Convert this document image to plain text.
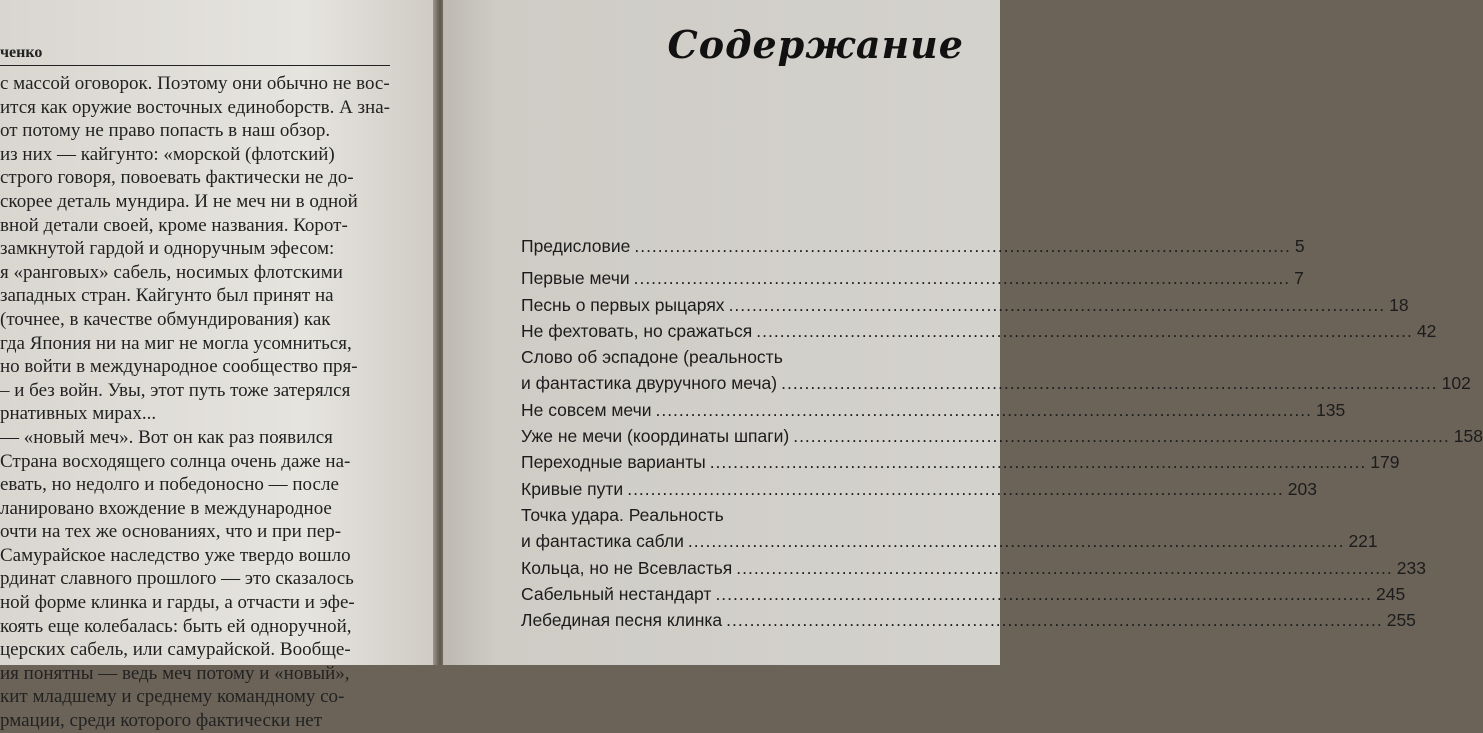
ченко
с массой оговорок. Поэтому они обычно не вос-
ится как оружие восточных единоборств. А зна-
от потому не право попасть в наш обзор.
из них — кайгунто: «морской (флотский)
строго говоря, повоевать фактически не до-
скорее деталь мундира. И не меч ни в одной
вной детали своей, кроме названия. Корот-
замкнутой гардой и одноручным эфесом:
я «ранговых» сабель, носимых флотскими
западных стран. Кайгунто был принят на
(точнее, в качестве обмундирования) как
гда Япония ни на миг не могла усомниться,
но войти в международное сообщество пря-
– и без войн. Увы, этот путь тоже затерялся
рнативных мирах...
— «новый меч». Вот он как раз появился
Страна восходящего солнца очень даже на-
евать, но недолго и победоносно — после
ланировано вхождение в международное
очти на тех же основаниях, что и при пер-
Самурайское наследство уже твердо вошло
рдинат славного прошлого — это сказалось
ной форме клинка и гарды, а отчасти и эфе-
коять еще колебалась: быть ей одноручной,
церских сабель, или самурайской. Вообще-
ия понятны — ведь меч потому и «новый»,
кит младшему и среднему командному со-
рмации, среди которого фактически нет
Содержание
Предисловие .....	5
Первые мечи .....	7
Песнь о первых рыцарях .....	18
Не фехтовать, но сражаться .....	42
Слово об эспадоне (реальность
и фантастика двуручного меча) .....	102
Не совсем мечи .....	135
Уже не мечи (координаты шпаги) .....	158
Переходные варианты .....	179
Кривые пути .....	203
Точка удара. Реальность
и фантастика сабли .....	221
Кольца, но не Всевластья .....	233
Сабельный нестандарт .....	245
Лебединая песня клинка .....	255
